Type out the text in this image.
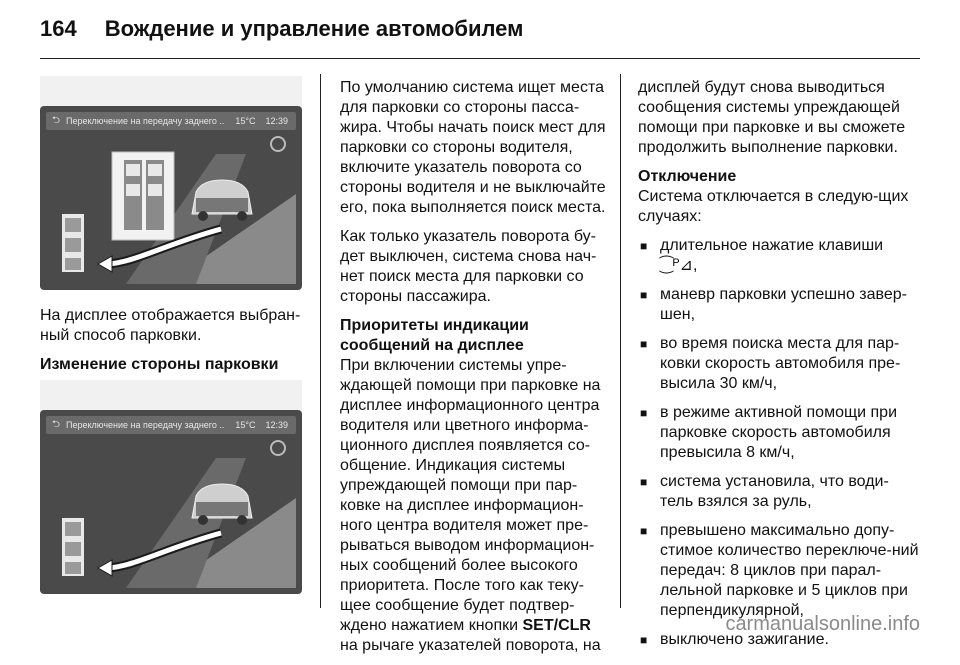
164 Вождение и управление автомобилем
⮌ Переключение на передачу заднего ..	15°C 12:39

На дисплее отображается выбран-ный способ парковки.

Изменение стороны парковки
⮌ Переключение на передачу заднего ..	15°C 12:39

По умолчанию система ищет места для парковки со стороны пасса-жира. Чтобы начать поиск мест для парковки со стороны водителя, включите указатель поворота со стороны водителя и не выключайте его, пока выполняется поиск места.

Как только указатель поворота бу-дет выключен, система снова нач-нет поиск места для парковки со стороны пассажира.

Приоритеты индикации сообщений на дисплее

При включении системы упре-ждающей помощи при парковке на дисплее информационного центра водителя или цветного информа-ционного дисплея появляется со-общение. Индикация системы упреждающей помощи при пар-ковке на дисплее информацион-ного центра водителя может пре-рываться выводом информацион-ных сообщений более высокого приоритета. После того как теку-щее сообщение будет подтвер-ждено нажатием кнопки SET/CLR на рычаге указателей поворота, на

дисплей будут снова выводиться сообщения системы упреждающей помощи при парковке и вы сможете продолжить выполнение парковки.

Отключение

Система отключается в следую-щих случаях:

■ длительное нажатие клавиши ⁐ᴾ⊿,
■ маневр парковки успешно завер-шен,
■ во время поиска места для пар-ковки скорость автомобиля пре-высила 30 км/ч,
■ в режиме активной помощи при парковке скорость автомобиля превысила 8 км/ч,
■ система установила, что води-тель взялся за руль,
■ превышено максимально допу-стимое количество переключе-ний передач: 8 циклов при парал-лельной парковке и 5 циклов при перпендикулярной,
■ выключено зажигание.
carmanualsonline.info
